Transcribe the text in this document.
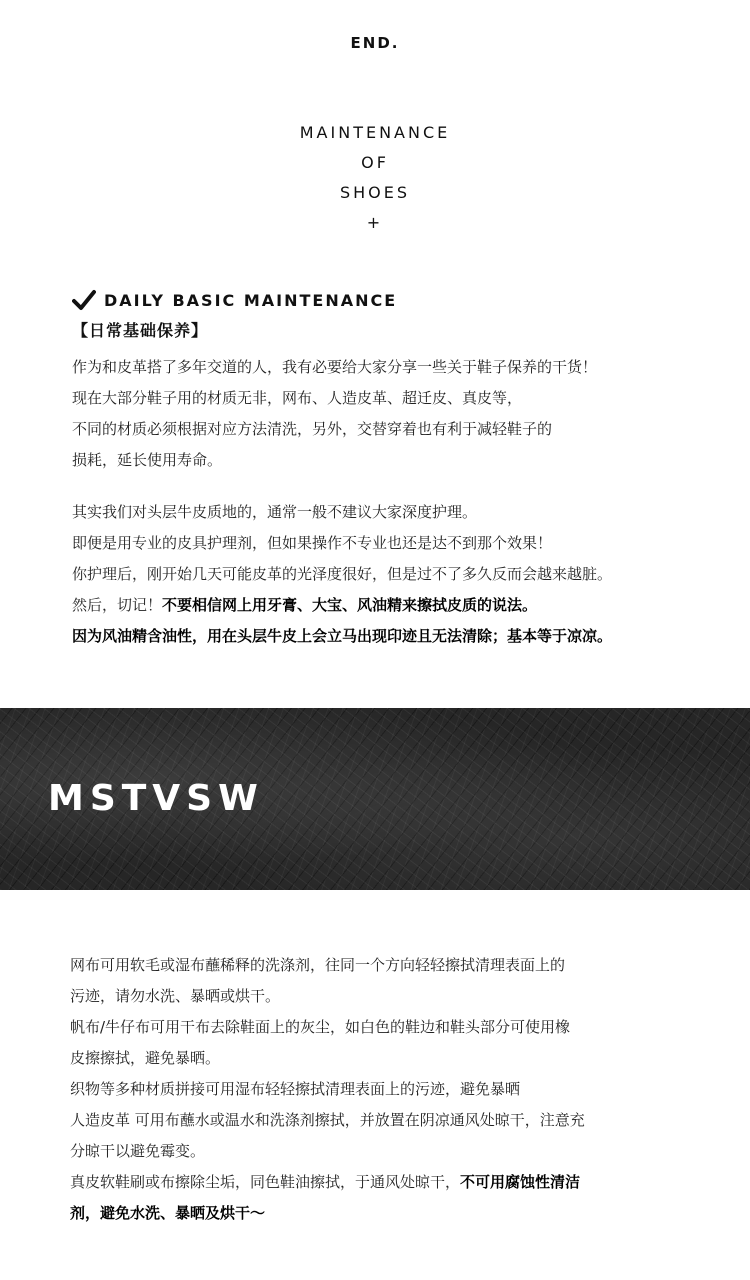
END.
MAINTENANCE
OF
SHOES
+
DAILY BASIC MAINTENANCE
【日常基础保养】

作为和皮革搭了多年交道的人，我有必要给大家分享一些关于鞋子保养的干货！

现在大部分鞋子用的材质无非，网布、人造皮革、超迁皮、真皮等，

不同的材质必须根据对应方法清洗，另外，交替穿着也有利于减轻鞋子的

损耗，延长使用寿命。

其实我们对头层牛皮质地的，通常一般不建议大家深度护理。

即便是用专业的皮具护理剂，但如果操作不专业也还是达不到那个效果！

你护理后，刚开始几天可能皮革的光泽度很好，但是过不了多久反而会越来越脏。

然后，切记！不要相信网上用牙膏、大宝、风油精来擦拭皮质的说法。

因为风油精含油性，用在头层牛皮上会立马出现印迹且无法清除；基本等于凉凉。

MSTVSW

网布可用软毛或湿布蘸稀释的洗涤剂，往同一个方向轻轻擦拭清理表面上的

污迹，请勿水洗、暴晒或烘干。

帆布/牛仔布可用干布去除鞋面上的灰尘，如白色的鞋边和鞋头部分可使用橡

皮擦擦拭，避免暴晒。

织物等多种材质拼接可用湿布轻轻擦拭清理表面上的污迹，避免暴晒

人造皮革 可用布蘸水或温水和洗涤剂擦拭，并放置在阴凉通风处晾干，注意充

分晾干以避免霉变。

真皮软鞋刷或布擦除尘垢，同色鞋油擦拭，于通风处晾干，不可用腐蚀性清洁

剂，避免水洗、暴晒及烘干～
